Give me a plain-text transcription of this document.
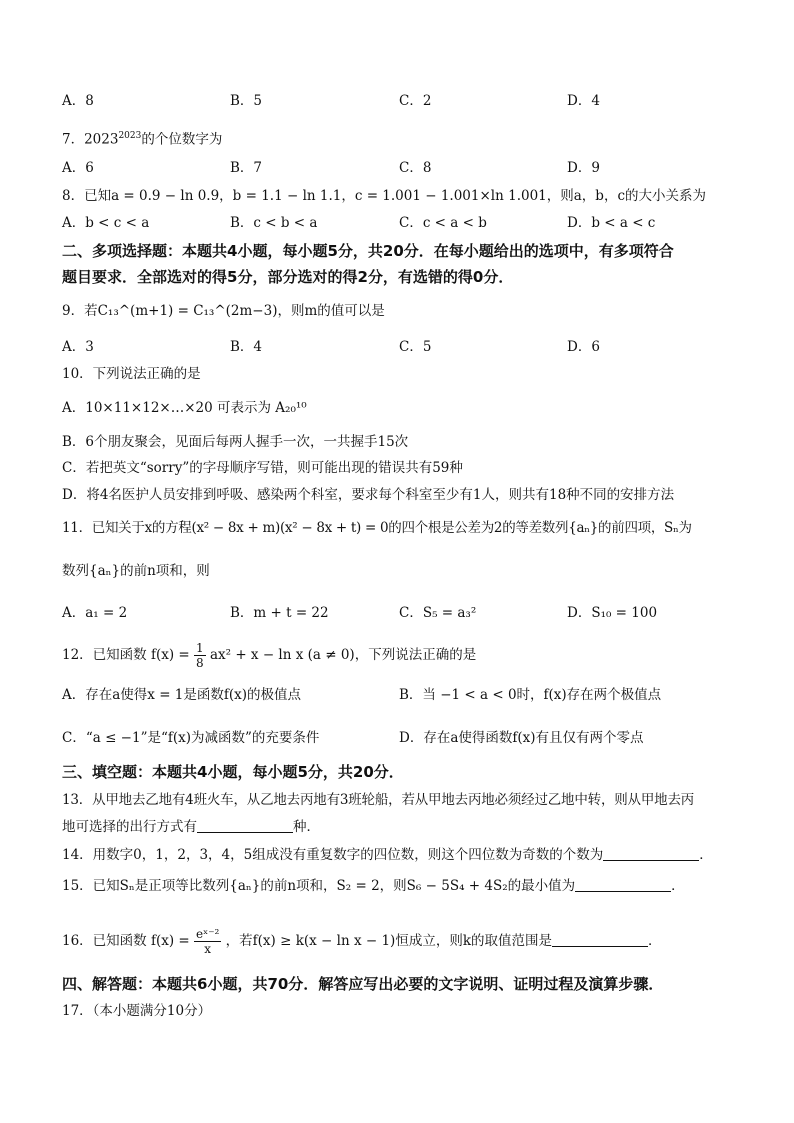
A．8	B．5	C．2	D．4
7．$2023^{2023}$的个位数字为
A．6	B．7	C．8	D．9
8．已知a = 0.9 − ln 0.9，b = 1.1 − ln 1.1，c = 1.001 − 1.001×ln 1.001，则a，b，c的大小关系为
A．b < c < a	B．c < b < a	C．c < a < b	D．b < a < c
二、多项选择题：本题共4小题，每小题5分，共20分．在每小题给出的选项中，有多项符合
题目要求．全部选对的得5分，部分选对的得2分，有选错的得0分．
9．若C₁₃^(m+1) = C₁₃^(2m−3)，则m的值可以是
A．3	B．4	C．5	D．6
10．下列说法正确的是
A．10×11×12×…×20 可表示为 A₂₀¹⁰
B．6个朋友聚会，见面后每两人握手一次，一共握手15次
C．若把英文“sorry”的字母顺序写错，则可能出现的错误共有59种
D．将4名医护人员安排到呼吸、感染两个科室，要求每个科室至少有1人，则共有18种不同的安排方法
11．已知关于x的方程(x² − 8x + m)(x² − 8x + t) = 0的四个根是公差为2的等差数列{aₙ}的前四项，Sₙ为
数列{aₙ}的前n项和，则
A．a₁ = 2	B．m + t = 22	C．S₅ = a₃²	D．S₁₀ = 100
12．已知函数 $f(x) = \frac{1}{8} ax^2 + x - \ln x$ (a ≠ 0)，下列说法正确的是
A．存在a使得x = 1是函数f(x)的极值点	B．当 −1 < a < 0时，f(x)存在两个极值点
C．“a ≤ −1”是“f(x)为减函数”的充要条件	D．存在a使得函数f(x)有且仅有两个零点
三、填空题：本题共4小题，每小题5分，共20分．
13．从甲地去乙地有4班火车，从乙地去丙地有3班轮船，若从甲地去丙地必须经过乙地中转，则从甲地去丙
地可选择的出行方式有	种．
14．用数字0，1，2，3，4，5组成没有重复数字的四位数，则这个四位数为奇数的个数为	．
15．已知Sₙ是正项等比数列{aₙ}的前n项和，S₂ = 2，则S₆ − 5S₄ + 4S₂的最小值为	．
16．已知函数 $f(x) = \frac{\text{eˣ⁻²}}{x}$ ，若f(x) ≥ k(x − ln x − 1)恒成立，则k的取值范围是	．
四、解答题：本题共6小题，共70分．解答应写出必要的文字说明、证明过程及演算步骤．
17．（本小题满分10分）
